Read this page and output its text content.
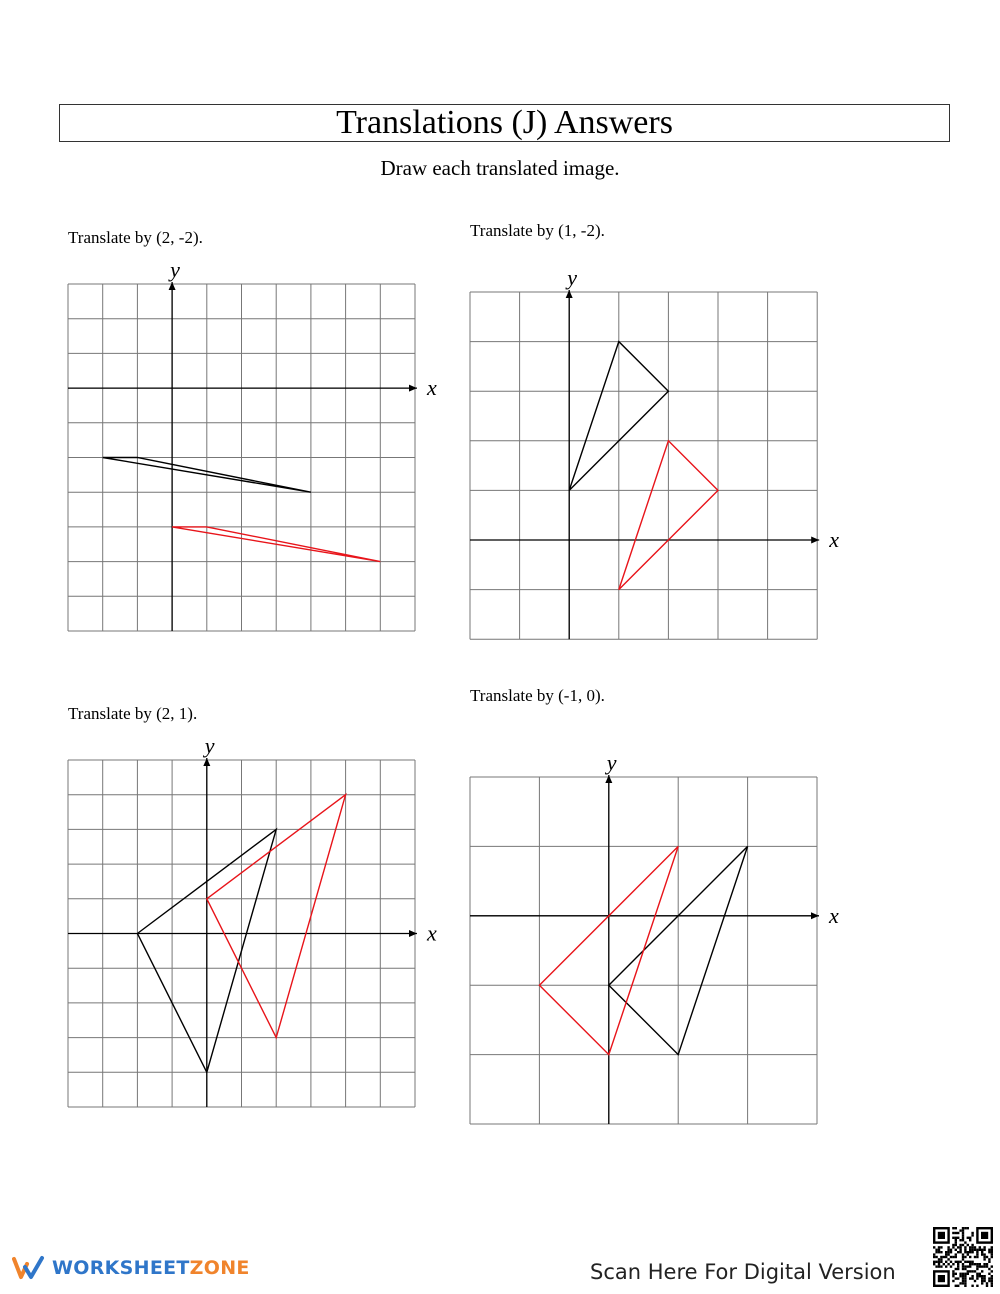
Translations (J) Answers
Draw each translated image.
Translate by (2, -2).
x
y
Translate by (1, -2).
x
y
Translate by (2, 1).
x
y
Translate by (-1, 0).
x
y
WORKSHEETZONE	Scan Here For Digital Version
